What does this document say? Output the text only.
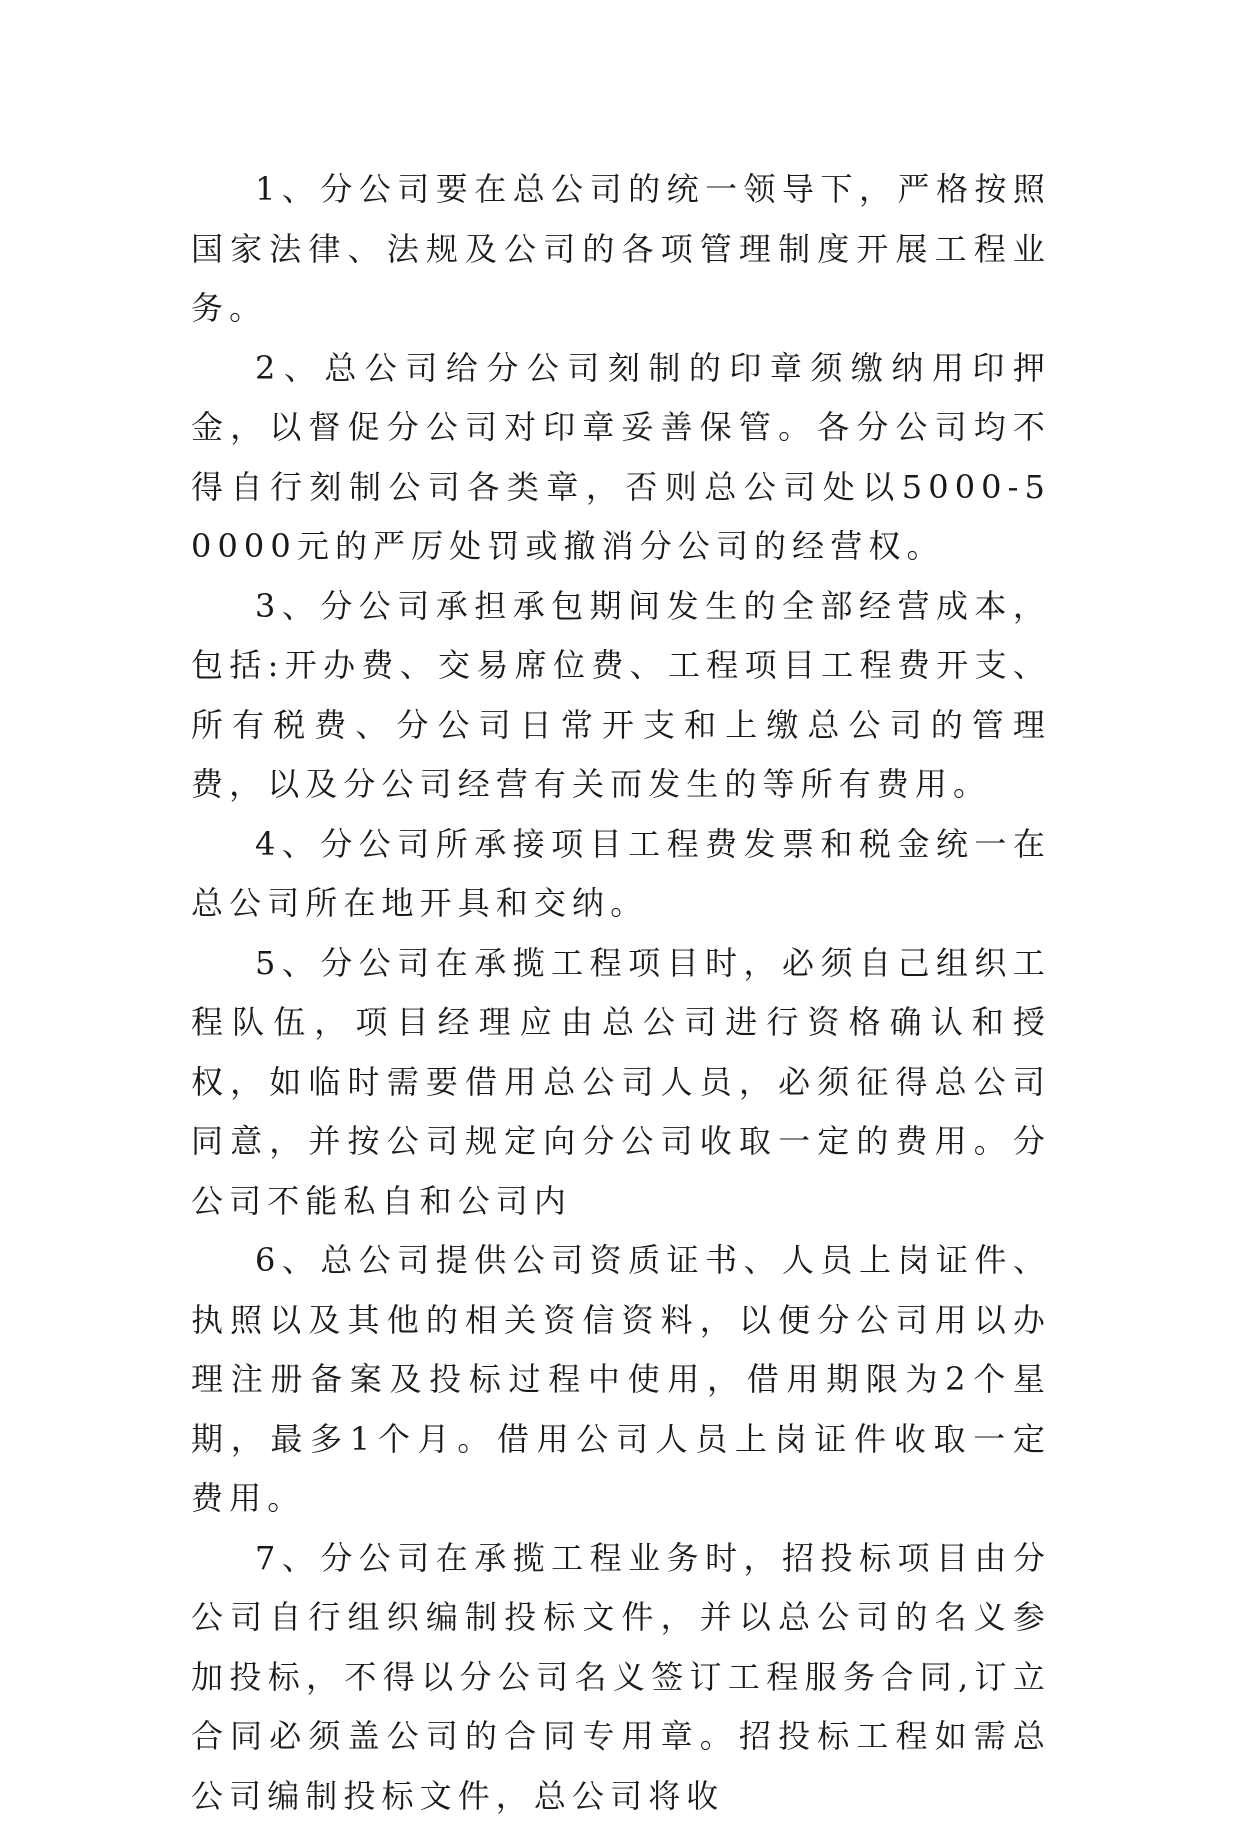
1、分公司要在总公司的统一领导下，严格按照国家法律、法规及公司的各项管理制度开展工程业务。

2、总公司给分公司刻制的印章须缴纳用印押金，以督促分公司对印章妥善保管。各分公司均不得自行刻制公司各类章，否则总公司处以5000-50000元的严厉处罚或撤消分公司的经营权。

3、分公司承担承包期间发生的全部经营成本，包括:开办费、交易席位费、工程项目工程费开支、所有税费、分公司日常开支和上缴总公司的管理费，以及分公司经营有关而发生的等所有费用。

4、分公司所承接项目工程费发票和税金统一在总公司所在地开具和交纳。

5、分公司在承揽工程项目时，必须自己组织工程队伍，项目经理应由总公司进行资格确认和授权，如临时需要借用总公司人员，必须征得总公司同意，并按公司规定向分公司收取一定的费用。分公司不能私自和公司内

6、总公司提供公司资质证书、人员上岗证件、执照以及其他的相关资信资料，以便分公司用以办理注册备案及投标过程中使用，借用期限为2个星期，最多1个月。借用公司人员上岗证件收取一定费用。

7、分公司在承揽工程业务时，招投标项目由分公司自行组织编制投标文件，并以总公司的名义参加投标，不得以分公司名义签订工程服务合同,订立合同必须盖公司的合同专用章。招投标工程如需总公司编制投标文件，总公司将收
